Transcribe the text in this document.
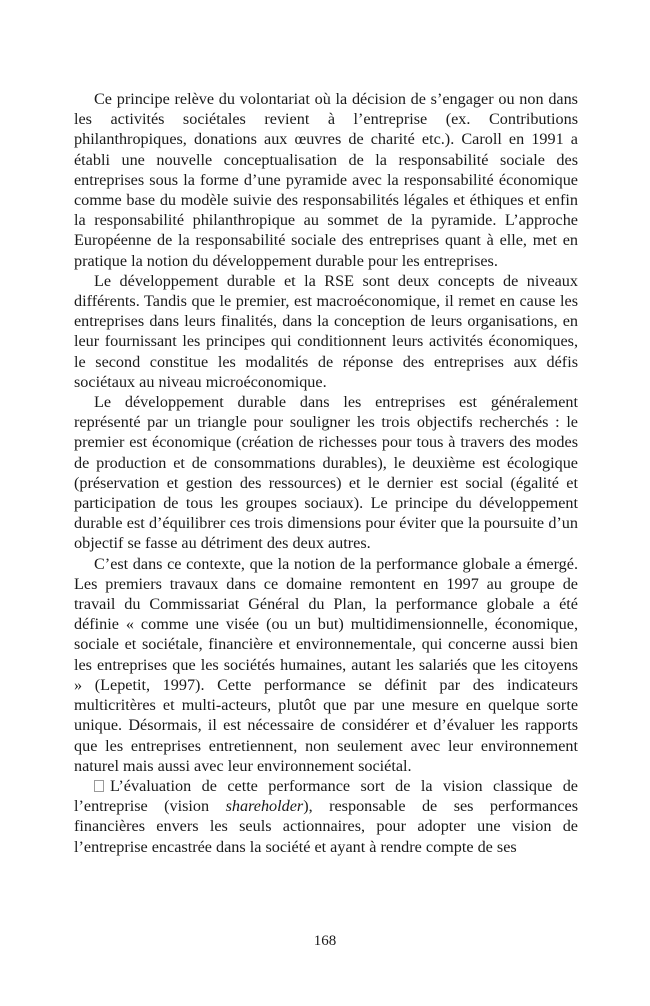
Ce principe relève du volontariat où la décision de s’engager ou non dans les activités sociétales revient à l’entreprise (ex. Contributions philanthropiques, donations aux œuvres de charité etc.). Caroll en 1991 a établi une nouvelle conceptualisation de la responsabilité sociale des entreprises sous la forme d’une pyramide avec la responsabilité économique comme base du modèle suivie des responsabilités légales et éthiques et enfin la responsabilité philanthropique au sommet de la pyramide. L’approche Européenne de la responsabilité sociale des entreprises quant à elle, met en pratique la notion du développement durable pour les entreprises.

Le développement durable et la RSE sont deux concepts de niveaux différents. Tandis que le premier, est macroéconomique, il remet en cause les entreprises dans leurs finalités, dans la conception de leurs organisations, en leur fournissant les principes qui conditionnent leurs activités économiques, le second constitue les modalités de réponse des entreprises aux défis sociétaux au niveau microéconomique.

Le développement durable dans les entreprises est généralement représenté par un triangle pour souligner les trois objectifs recherchés : le premier est économique (création de richesses pour tous à travers des modes de production et de consommations durables), le deuxième est écologique (préservation et gestion des ressources) et le dernier est social (égalité et participation de tous les groupes sociaux). Le principe du développement durable est d’équilibrer ces trois dimensions pour éviter que la poursuite d’un objectif se fasse au détriment des deux autres.

C’est dans ce contexte, que la notion de la performance globale a émergé. Les premiers travaux dans ce domaine remontent en 1997 au groupe de travail du Commissariat Général du Plan, la performance globale a été définie « comme une visée (ou un but) multidimensionnelle, économique, sociale et sociétale, financière et environnementale, qui concerne aussi bien les entreprises que les sociétés humaines, autant les salariés que les citoyens » (Lepetit, 1997). Cette performance se définit par des indicateurs multicritères et multi-acteurs, plutôt que par une mesure en quelque sorte unique. Désormais, il est nécessaire de considérer et d’évaluer les rapports que les entreprises entretiennent, non seulement avec leur environnement naturel mais aussi avec leur environnement sociétal.

L’évaluation de cette performance sort de la vision classique de l’entreprise (vision shareholder), responsable de ses performances financières envers les seuls actionnaires, pour adopter une vision de l’entreprise encastrée dans la société et ayant à rendre compte de ses

168
